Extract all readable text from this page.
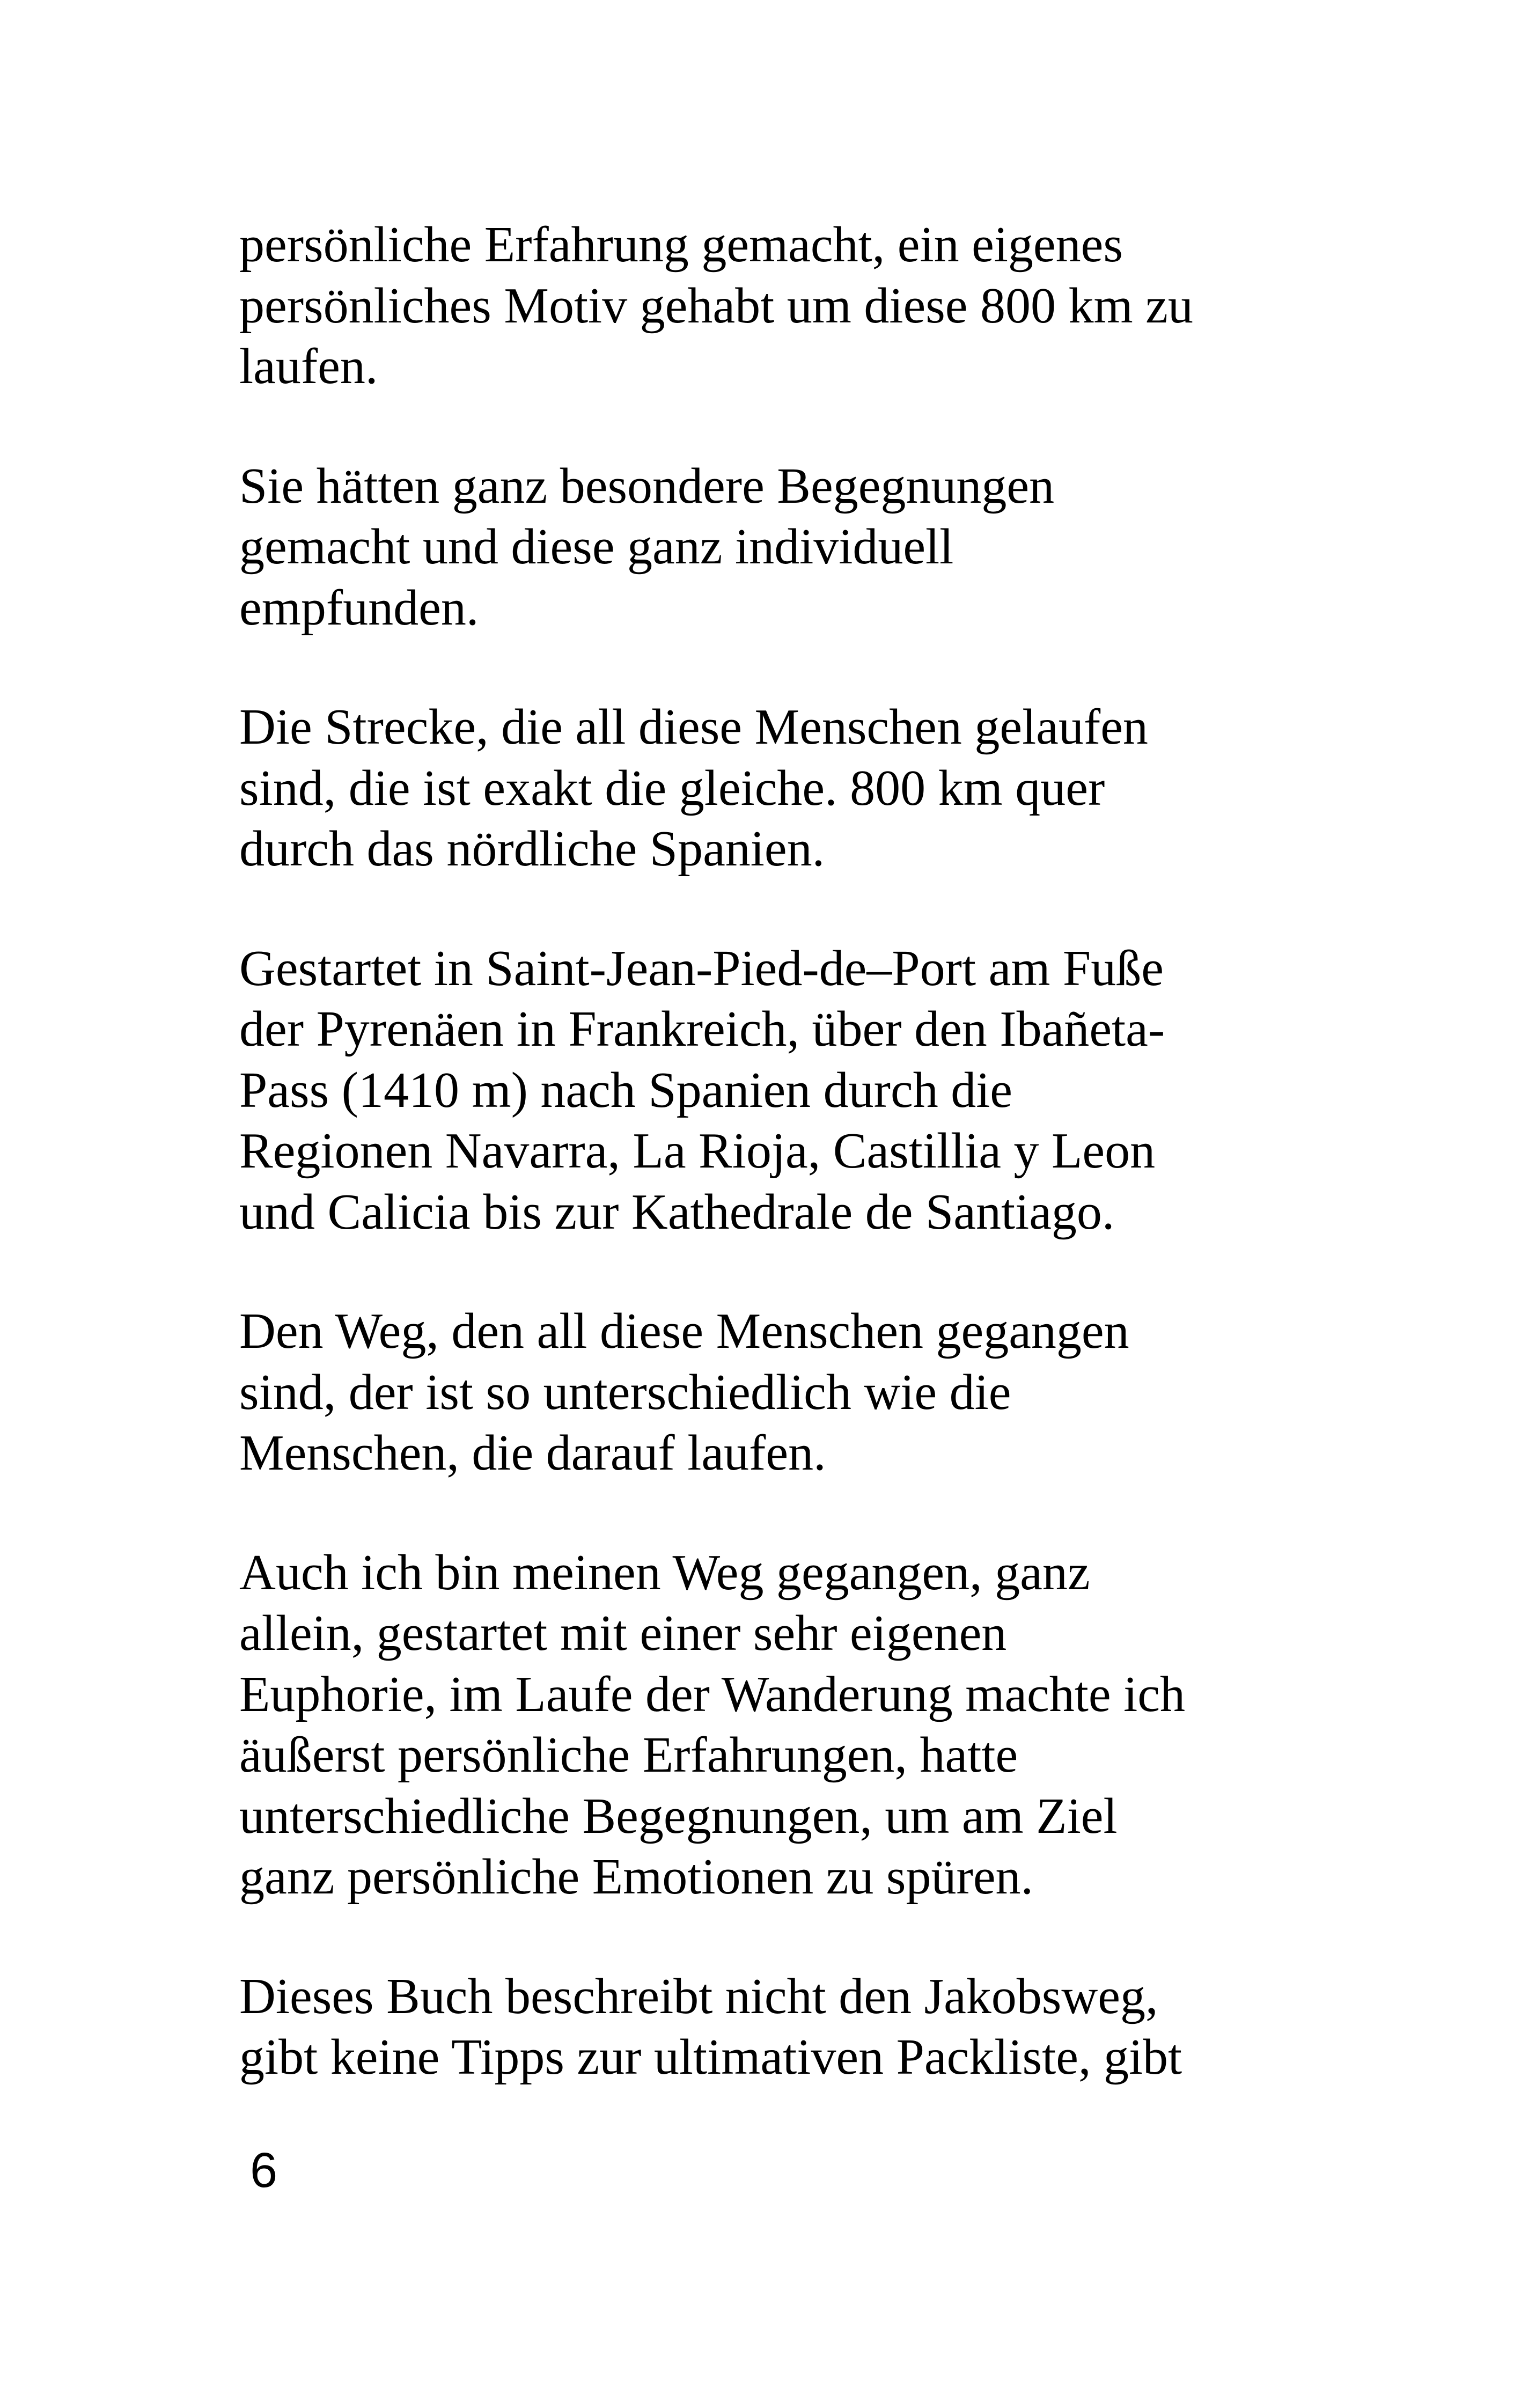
persönliche Erfahrung gemacht, ein eigenes
persönliches Motiv gehabt um diese 800 km zu
laufen.

Sie hätten ganz besondere Begegnungen
gemacht und diese ganz individuell
empfunden.

Die Strecke, die all diese Menschen gelaufen
sind, die ist exakt die gleiche. 800 km quer
durch das nördliche Spanien.

Gestartet in Saint-Jean-Pied-de–Port am Fuße
der Pyrenäen in Frankreich, über den Ibañeta-
Pass (1410 m) nach Spanien durch die
Regionen Navarra, La Rioja, Castillia y Leon
und Calicia bis zur Kathedrale de Santiago.

Den Weg, den all diese Menschen gegangen
sind, der ist so unterschiedlich wie die
Menschen, die darauf laufen.

Auch ich bin meinen Weg gegangen, ganz
allein, gestartet mit einer sehr eigenen
Euphorie, im Laufe der Wanderung machte ich
äußerst persönliche Erfahrungen, hatte
unterschiedliche Begegnungen, um am Ziel
ganz persönliche Emotionen zu spüren.

Dieses Buch beschreibt nicht den Jakobsweg,
gibt keine Tipps zur ultimativen Packliste, gibt

6
